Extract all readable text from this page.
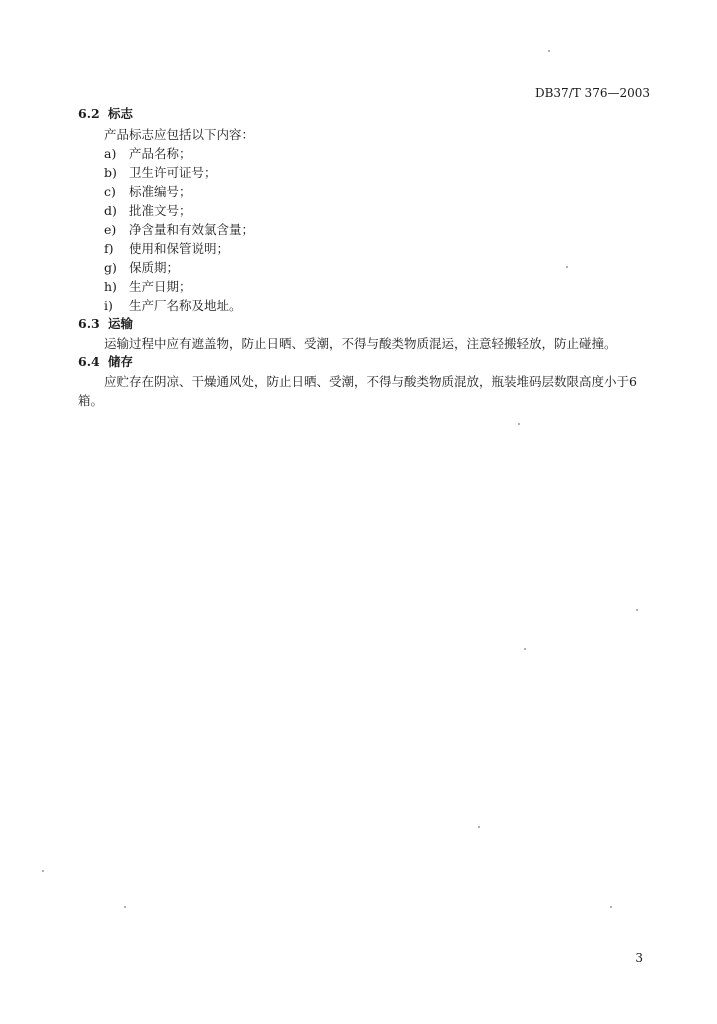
DB37/T 376—2003
6.2 标志
产品标志应包括以下内容：
a) 产品名称；
b) 卫生许可证号；
c) 标准编号；
d) 批准文号；
e) 净含量和有效氯含量；
f) 使用和保管说明；
g) 保质期；
h) 生产日期；
i) 生产厂名称及地址。
6.3 运输
运输过程中应有遮盖物，防止日晒、受潮，不得与酸类物质混运，注意轻搬轻放，防止碰撞。
6.4 储存
应贮存在阴凉、干燥通风处，防止日晒、受潮，不得与酸类物质混放，瓶装堆码层数限高度小于6
箱。
3
